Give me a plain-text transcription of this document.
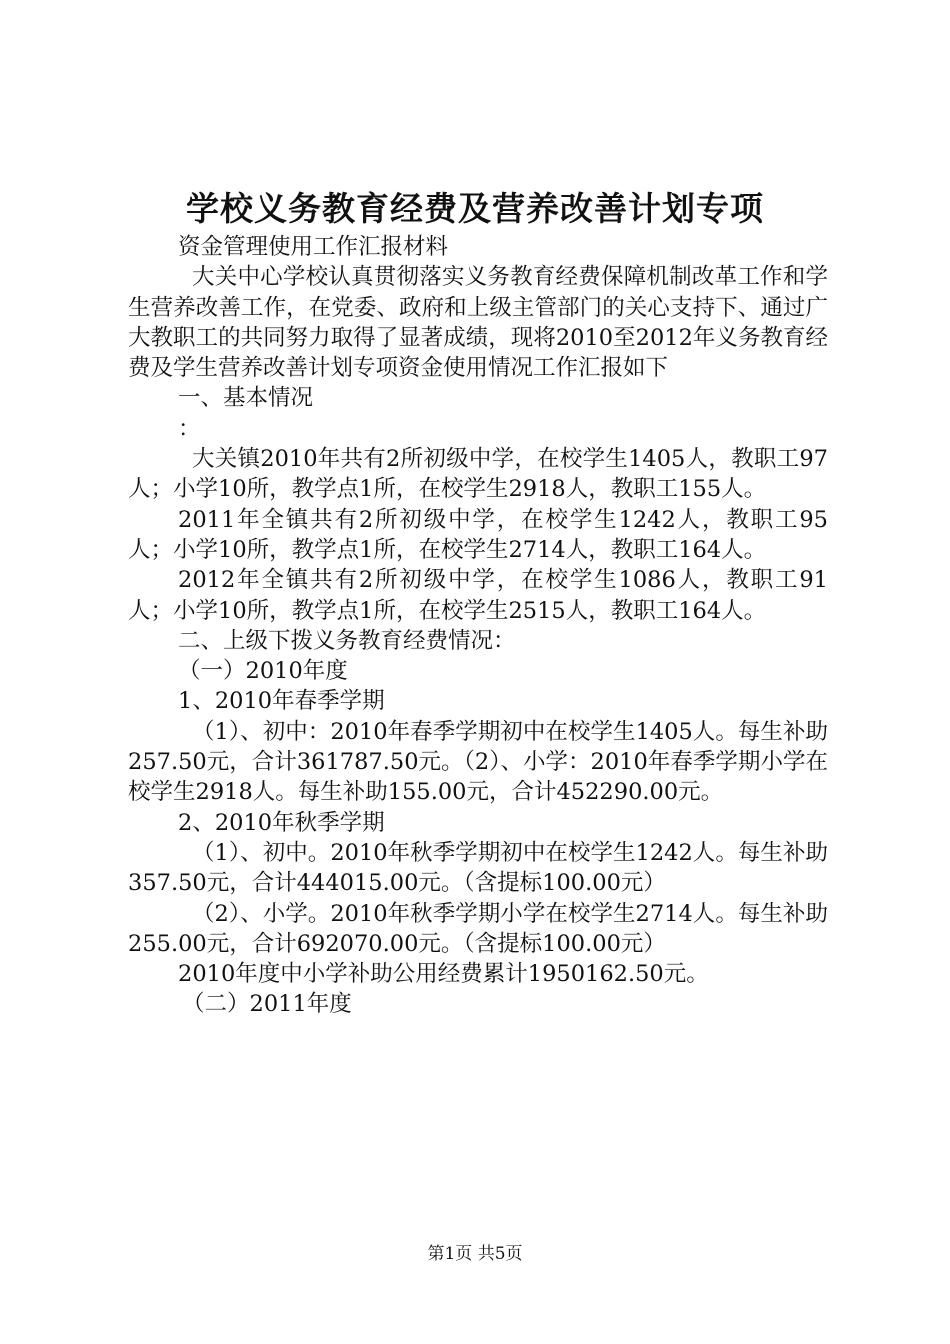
学校义务教育经费及营养改善计划专项

资金管理使用工作汇报材料

大关中心学校认真贯彻落实义务教育经费保障机制改革工作和学生营养改善工作，在党委、政府和上级主管部门的关心支持下、通过广大教职工的共同努力取得了显著成绩，现将2010至2012年义务教育经费及学生营养改善计划专项资金使用情况工作汇报如下

一、基本情况

：

大关镇2010年共有2所初级中学，在校学生1405人，教职工97人；小学10所，教学点1所，在校学生2918人，教职工155人。

2011年全镇共有2所初级中学，在校学生1242人，教职工95人；小学10所，教学点1所，在校学生2714人，教职工164人。

2012年全镇共有2所初级中学，在校学生1086人，教职工91人；小学10所，教学点1所，在校学生2515人，教职工164人。

二、上级下拨义务教育经费情况：

（一）2010年度

1、2010年春季学期

（1）、初中：2010年春季学期初中在校学生1405人。每生补助257.50元，合计361787.50元。（2）、小学：2010年春季学期小学在校学生2918人。每生补助155.00元，合计452290.00元。

2、2010年秋季学期

（1）、初中。2010年秋季学期初中在校学生1242人。每生补助357.50元，合计444015.00元。（含提标100.00元）

（2）、小学。2010年秋季学期小学在校学生2714人。每生补助255.00元，合计692070.00元。（含提标100.00元）

2010年度中小学补助公用经费累计1950162.50元。

（二）2011年度

第1页 共5页
